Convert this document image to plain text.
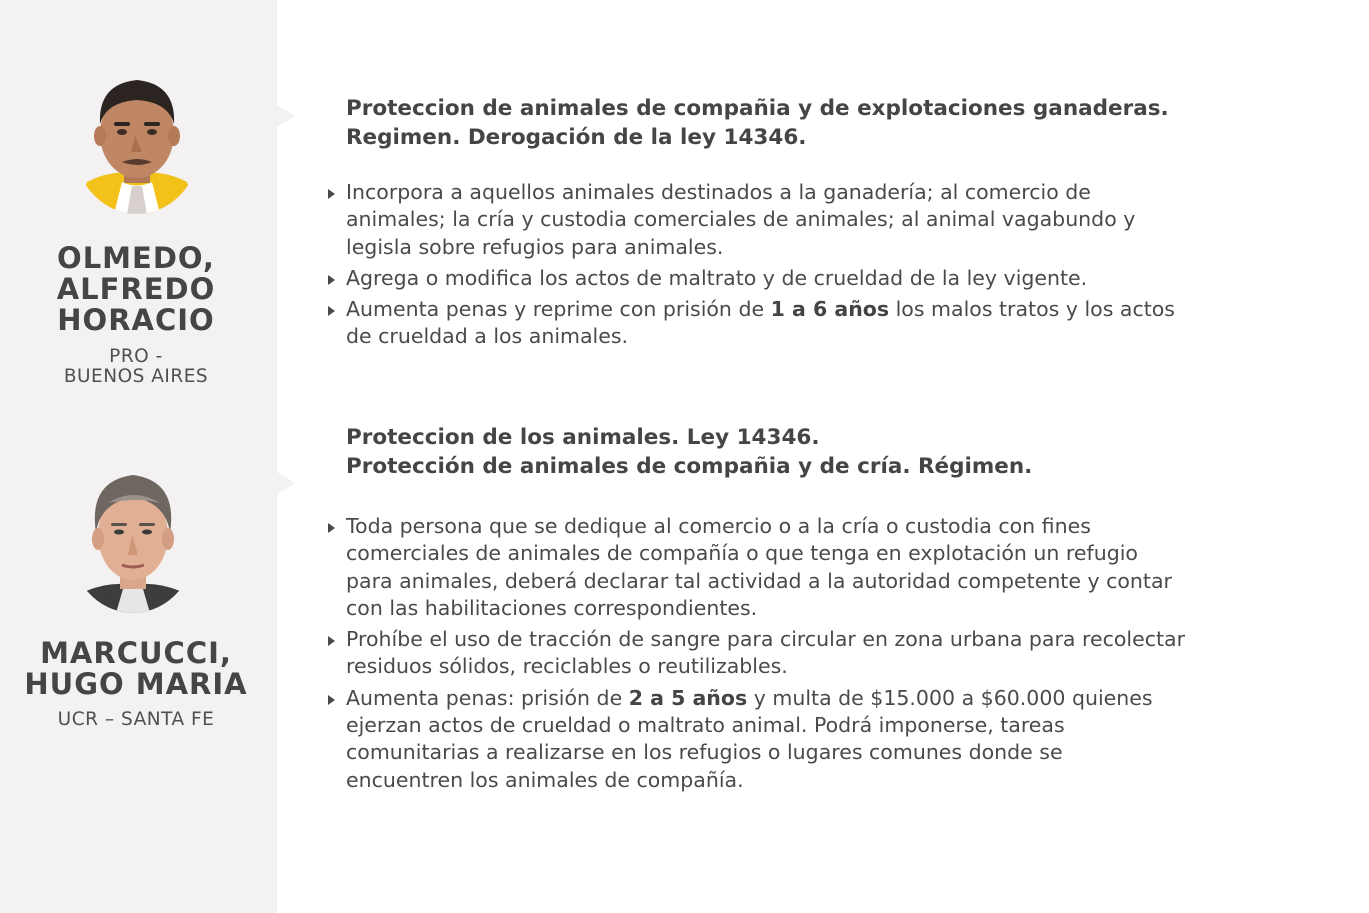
OLMEDO,
ALFREDO
HORACIO
PRO -
BUENOS AIRES
MARCUCCI,
HUGO MARIA
UCR – SANTA FE
Proteccion de animales de compañia y de explotaciones ganaderas.
Regimen. Derogación de la ley 14346.
Incorpora a aquellos animales destinados a la ganadería; al comercio de animales; la cría y custodia comerciales de animales; al animal vagabundo y legisla sobre refugios para animales.
Agrega o modifica los actos de maltrato y de crueldad de la ley vigente.
Aumenta penas y reprime con prisión de 1 a 6 años los malos tratos y los actos de crueldad a los animales.
Proteccion de los animales. Ley 14346.
Protección de animales de compañia y de cría. Régimen.
Toda persona que se dedique al comercio o a la cría o custodia con fines comerciales de animales de compañía o que tenga en explotación un refugio para animales, deberá declarar tal actividad a la autoridad competente y contar con las habilitaciones correspondientes.
Prohíbe el uso de tracción de sangre para circular en zona urbana para recolectar residuos sólidos, reciclables o reutilizables.
Aumenta penas: prisión de 2 a 5 años y multa de $15.000 a $60.000 quienes ejerzan actos de crueldad o maltrato animal. Podrá imponerse, tareas comunitarias a realizarse en los refugios o lugares comunes donde se encuentren los animales de compañía.
